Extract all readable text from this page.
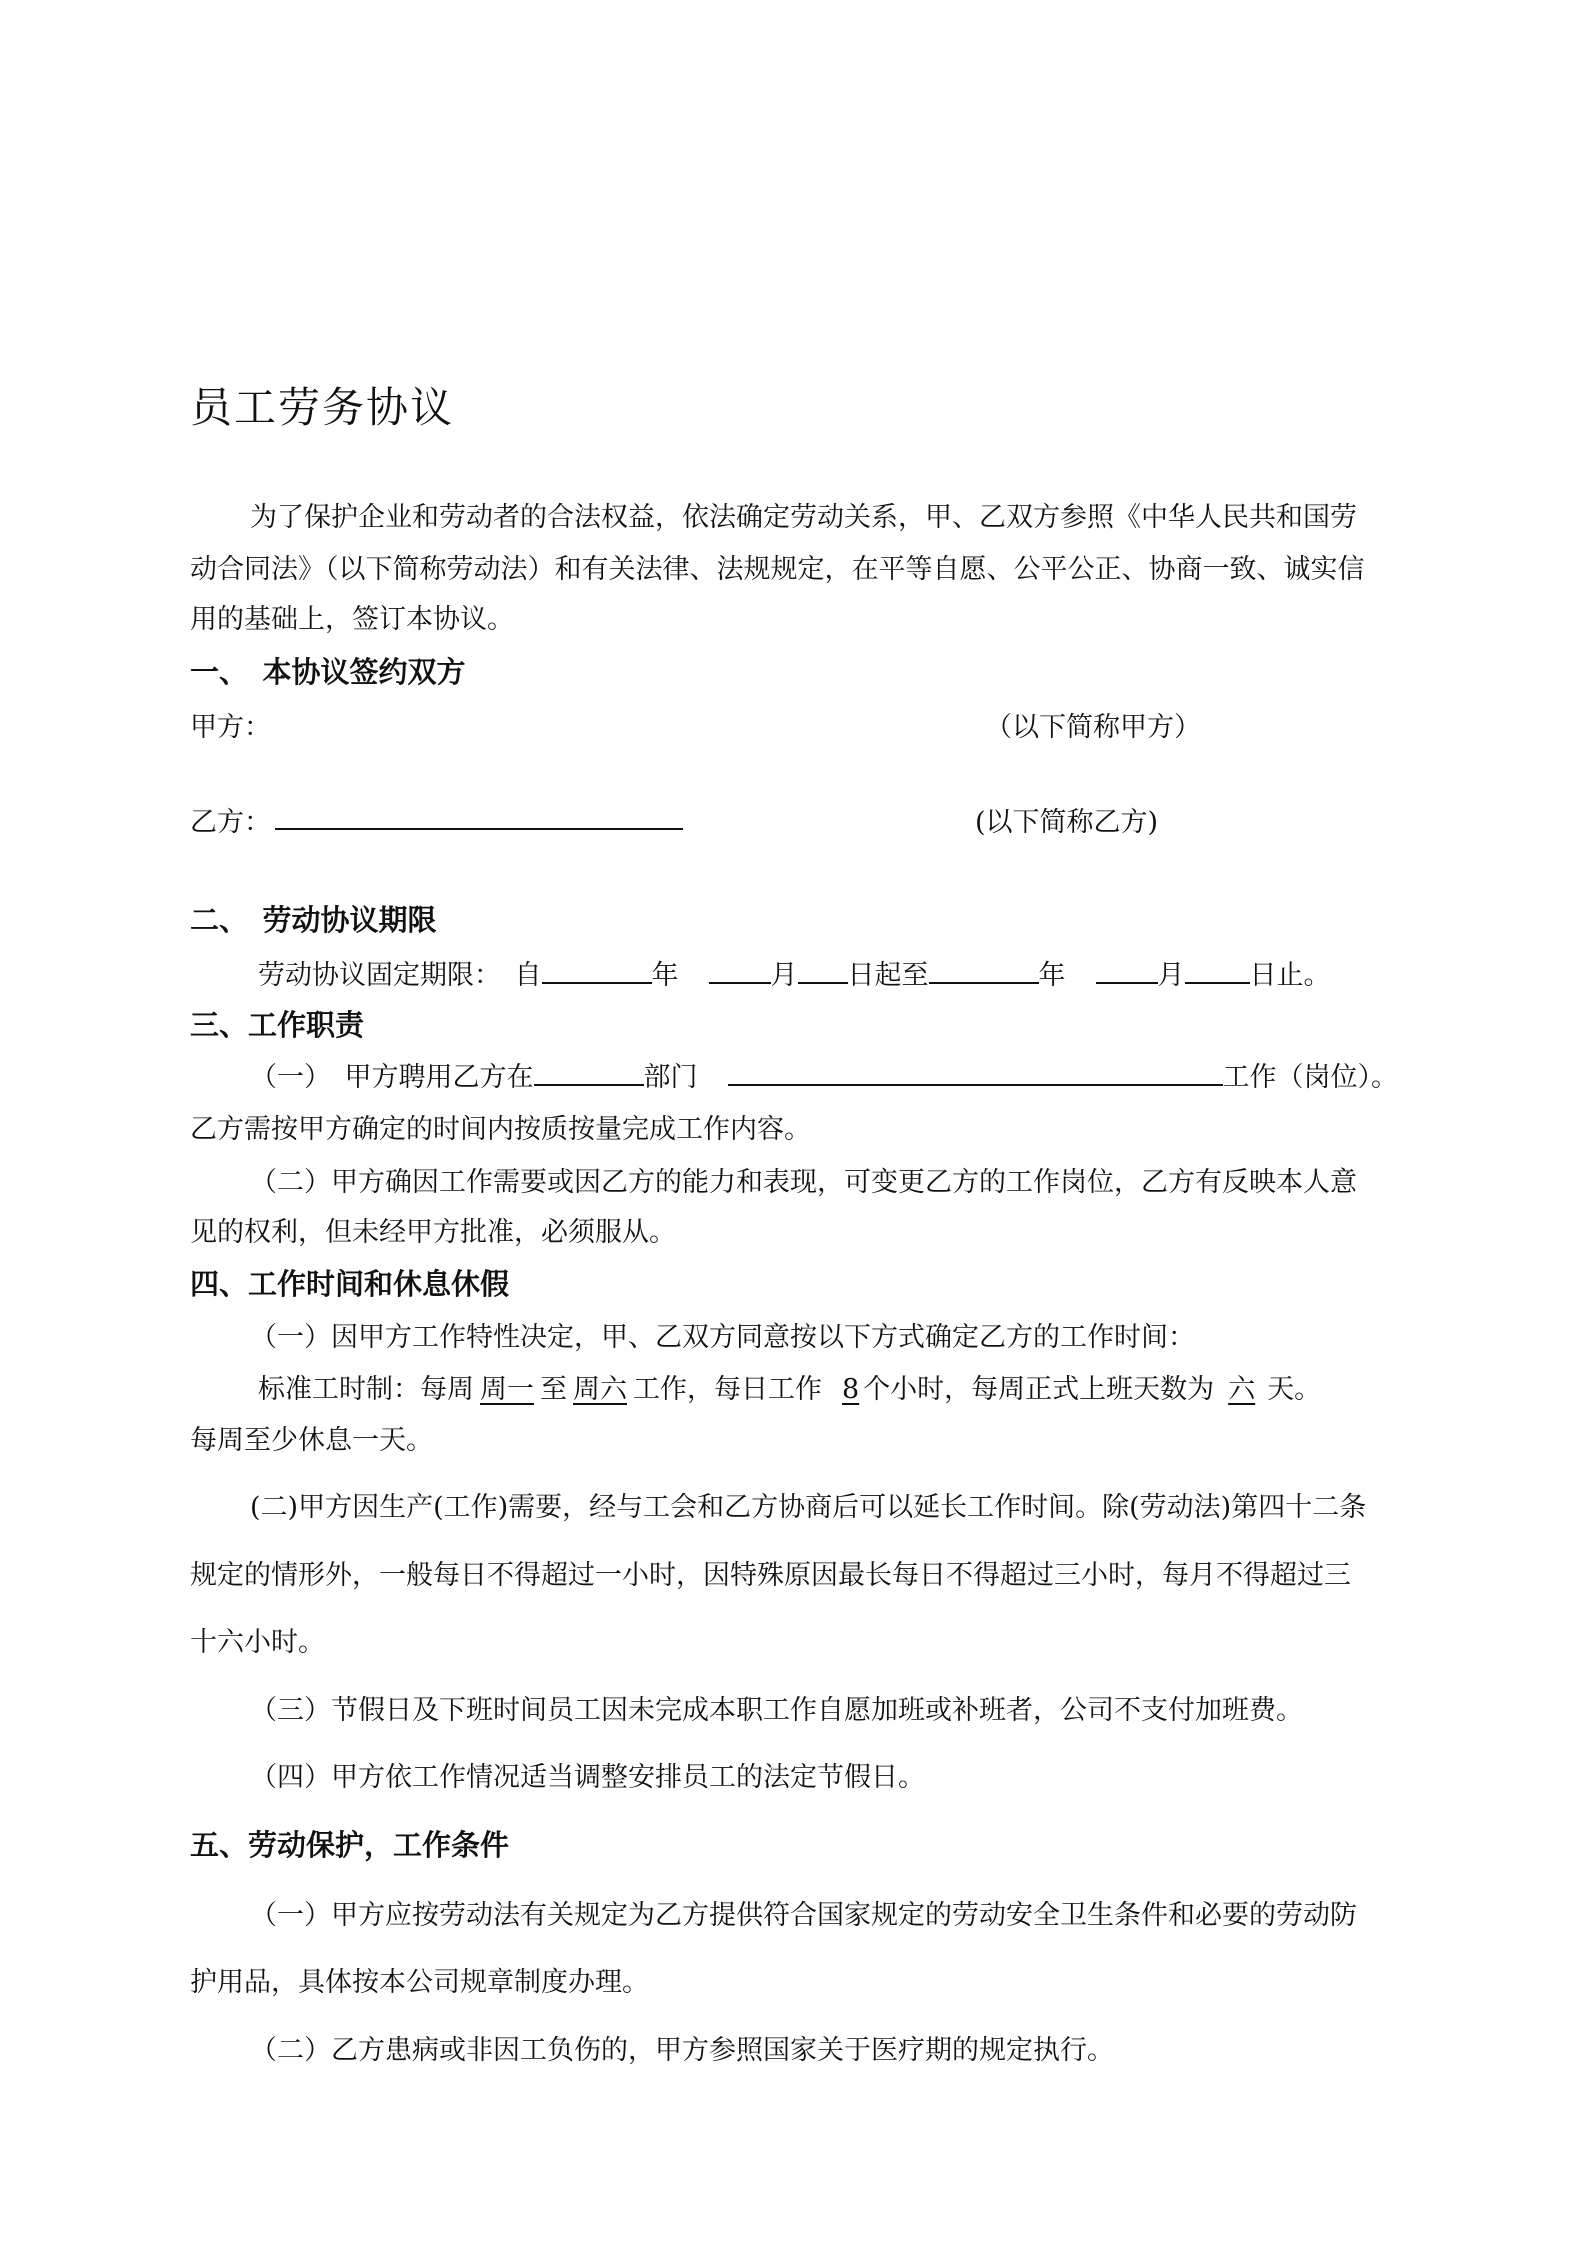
员工劳务协议
为了保护企业和劳动者的合法权益，依法确定劳动关系，甲、乙双方参照《中华人民共和国劳
动合同法》（以下简称劳动法）和有关法律、法规规定，在平等自愿、公平公正、协商一致、诚实信
用的基础上，签订本协议。
一、　本协议签约双方
甲方：	（以下简称甲方）
乙方：	(以下简称乙方)
二、　劳动协议期限
劳动协议固定期限：　自	年	月 日起至	年	月 日止。
三、工作职责
（一）　甲方聘用乙方在	部门	工作（岗位）。
乙方需按甲方确定的时间内按质按量完成工作内容。
（二）甲方确因工作需要或因乙方的能力和表现，可变更乙方的工作岗位，乙方有反映本人意
见的权利，但未经甲方批准，必须服从。
四、工作时间和休息休假
（一）因甲方工作特性决定，甲、乙双方同意按以下方式确定乙方的工作时间：
标准工时制：每周 周一 至 周六 工作，每日工作 8 个小时，每周正式上班天数为 六 天。
每周至少休息一天。
(二)甲方因生产(工作)需要，经与工会和乙方协商后可以延长工作时间。除(劳动法)第四十二条
规定的情形外，一般每日不得超过一小时，因特殊原因最长每日不得超过三小时，每月不得超过三
十六小时。
（三）节假日及下班时间员工因未完成本职工作自愿加班或补班者，公司不支付加班费。
（四）甲方依工作情况适当调整安排员工的法定节假日。
五、劳动保护，工作条件
（一）甲方应按劳动法有关规定为乙方提供符合国家规定的劳动安全卫生条件和必要的劳动防
护用品，具体按本公司规章制度办理。
（二）乙方患病或非因工负伤的，甲方参照国家关于医疗期的规定执行。
